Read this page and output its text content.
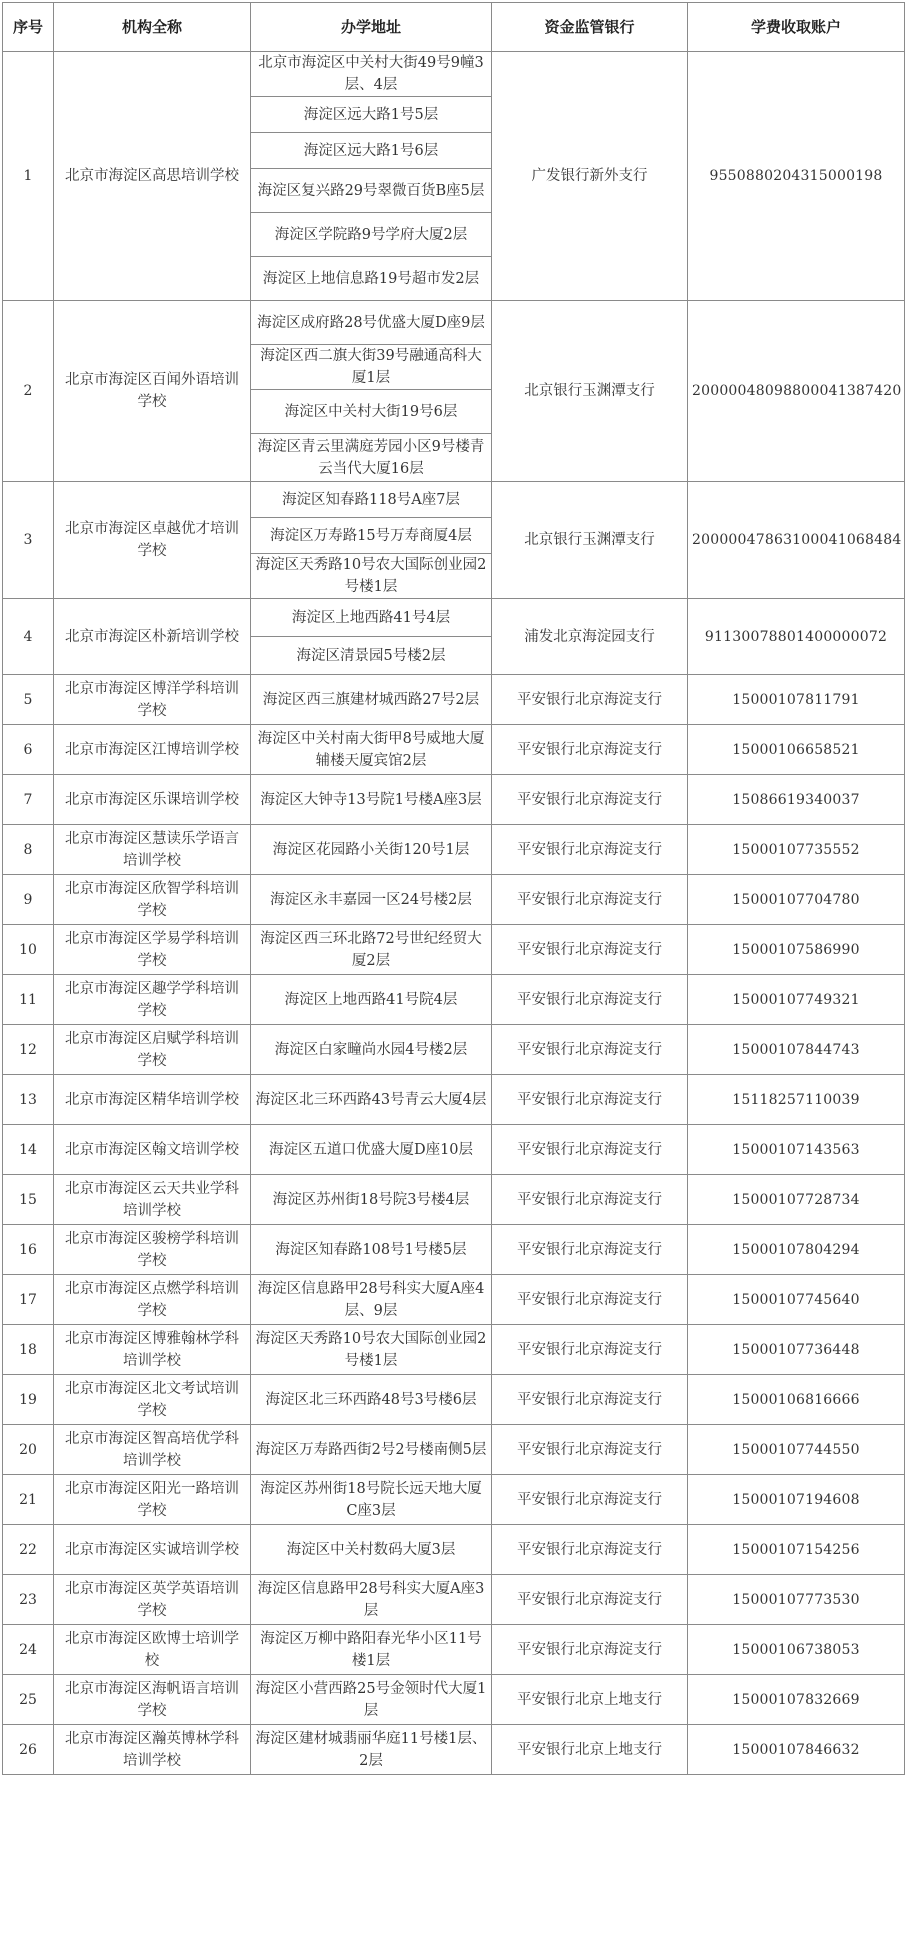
序号	机构全称	办学地址	资金监管银行	学费收取账户
1	北京市海淀区高思培训学校	北京市海淀区中关村大街49号9幢3层、4层	广发银行新外支行	9550880204315000198
		海淀区远大路1号5层		
		海淀区远大路1号6层		
		海淀区复兴路29号翠微百货B座5层		
		海淀区学院路9号学府大厦2层		
		海淀区上地信息路19号超市发2层		
2	北京市海淀区百闻外语培训学校	海淀区成府路28号优盛大厦D座9层	北京银行玉渊潭支行	20000048098800041387420
		海淀区西二旗大街39号融通高科大厦1层		
		海淀区中关村大街19号6层		
		海淀区青云里满庭芳园小区9号楼青云当代大厦16层		
3	北京市海淀区卓越优才培训学校	海淀区知春路118号A座7层	北京银行玉渊潭支行	20000047863100041068484
		海淀区万寿路15号万寿商厦4层		
		海淀区天秀路10号农大国际创业园2号楼1层		
4	北京市海淀区朴新培训学校	海淀区上地西路41号4层	浦发北京海淀园支行	91130078801400000072
		海淀区清景园5号楼2层		
5	北京市海淀区博洋学科培训学校	海淀区西三旗建材城西路27号2层	平安银行北京海淀支行	15000107811791
6	北京市海淀区江博培训学校	海淀区中关村南大街甲8号威地大厦辅楼天厦宾馆2层	平安银行北京海淀支行	15000106658521
7	北京市海淀区乐课培训学校	海淀区大钟寺13号院1号楼A座3层	平安银行北京海淀支行	15086619340037
8	北京市海淀区慧读乐学语言培训学校	海淀区花园路小关街120号1层	平安银行北京海淀支行	15000107735552
9	北京市海淀区欣智学科培训学校	海淀区永丰嘉园一区24号楼2层	平安银行北京海淀支行	15000107704780
10	北京市海淀区学易学科培训学校	海淀区西三环北路72号世纪经贸大厦2层	平安银行北京海淀支行	15000107586990
11	北京市海淀区趣学学科培训学校	海淀区上地西路41号院4层	平安银行北京海淀支行	15000107749321
12	北京市海淀区启赋学科培训学校	海淀区白家疃尚水园4号楼2层	平安银行北京海淀支行	15000107844743
13	北京市海淀区精华培训学校	海淀区北三环西路43号青云大厦4层	平安银行北京海淀支行	15118257110039
14	北京市海淀区翰文培训学校	海淀区五道口优盛大厦D座10层	平安银行北京海淀支行	15000107143563
15	北京市海淀区云天共业学科培训学校	海淀区苏州街18号院3号楼4层	平安银行北京海淀支行	15000107728734
16	北京市海淀区骏榜学科培训学校	海淀区知春路108号1号楼5层	平安银行北京海淀支行	15000107804294
17	北京市海淀区点燃学科培训学校	海淀区信息路甲28号科实大厦A座4层、9层	平安银行北京海淀支行	15000107745640
18	北京市海淀区博雅翰林学科培训学校	海淀区天秀路10号农大国际创业园2号楼1层	平安银行北京海淀支行	15000107736448
19	北京市海淀区北文考试培训学校	海淀区北三环西路48号3号楼6层	平安银行北京海淀支行	15000106816666
20	北京市海淀区智高培优学科培训学校	海淀区万寿路西街2号2号楼南侧5层	平安银行北京海淀支行	15000107744550
21	北京市海淀区阳光一路培训学校	海淀区苏州街18号院长远天地大厦C座3层	平安银行北京海淀支行	15000107194608
22	北京市海淀区实诚培训学校	海淀区中关村数码大厦3层	平安银行北京海淀支行	15000107154256
23	北京市海淀区英学英语培训学校	海淀区信息路甲28号科实大厦A座3层	平安银行北京海淀支行	15000107773530
24	北京市海淀区欧博士培训学校	海淀区万柳中路阳春光华小区11号楼1层	平安银行北京海淀支行	15000106738053
25	北京市海淀区海帆语言培训学校	海淀区小营西路25号金领时代大厦1层	平安银行北京上地支行	15000107832669
26	北京市海淀区瀚英博林学科培训学校	海淀区建材城翡丽华庭11号楼1层、2层	平安银行北京上地支行	15000107846632
